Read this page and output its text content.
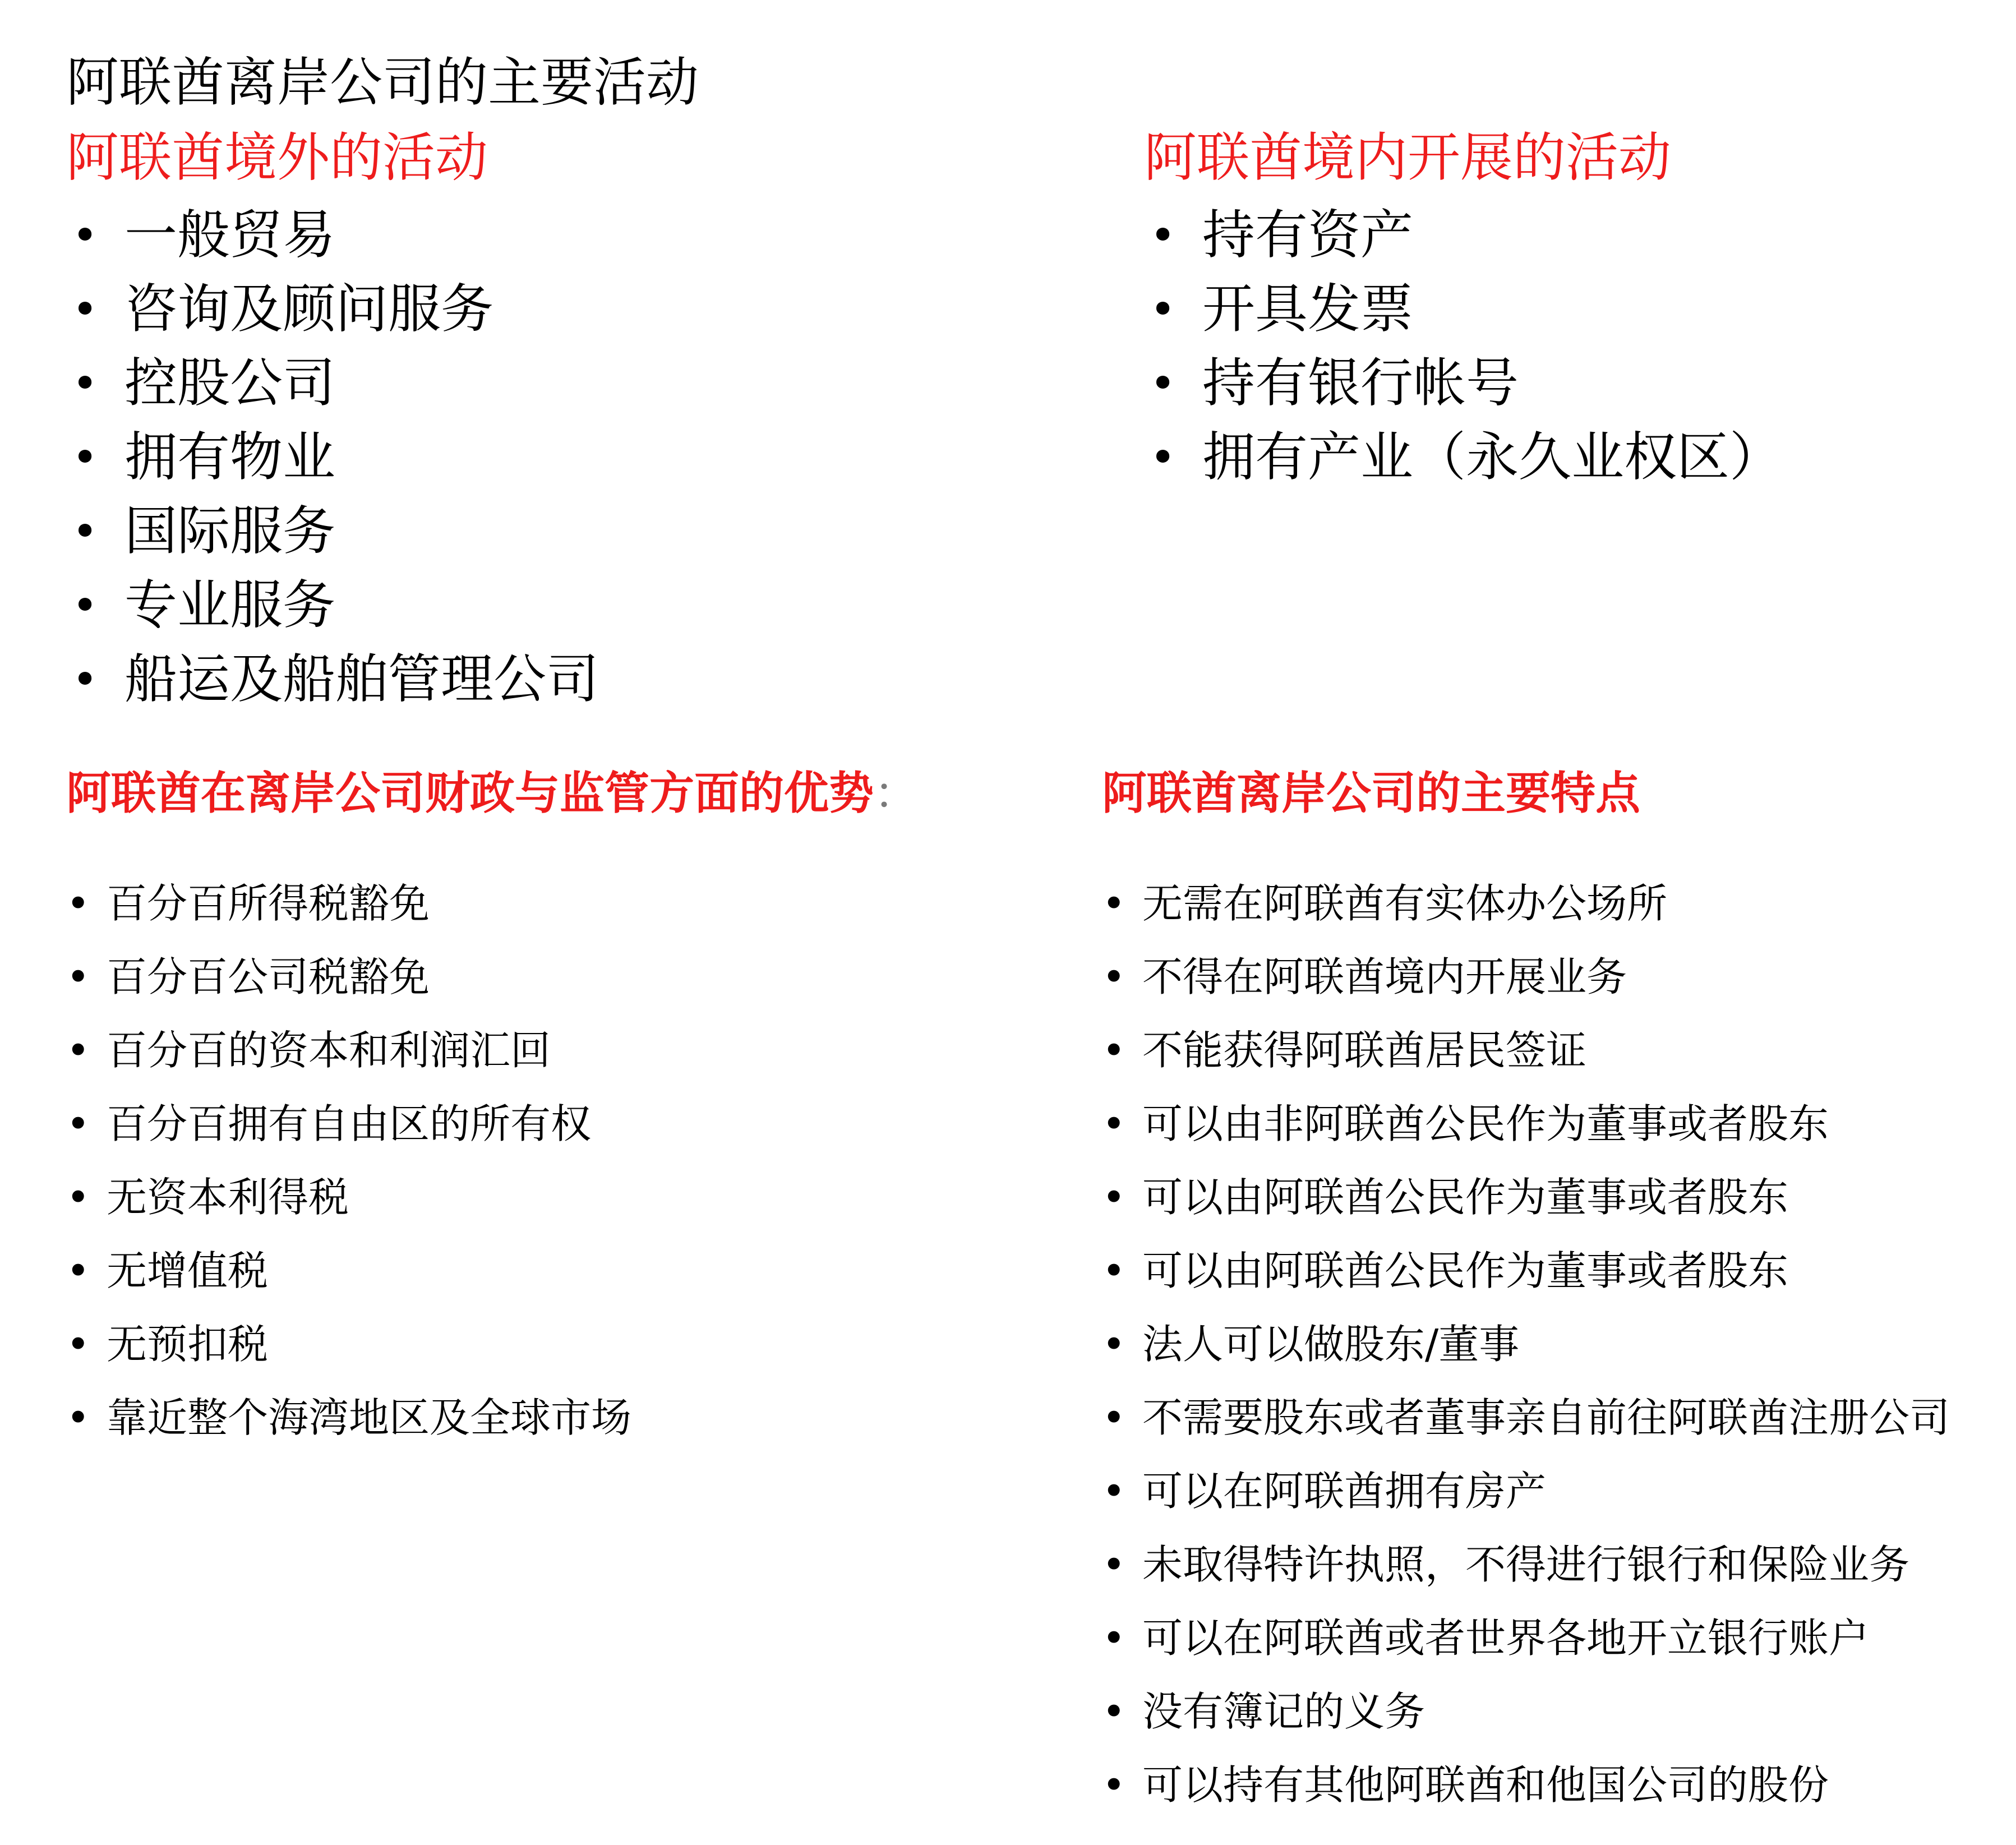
阿联酋离岸公司的主要活动
阿联酋境外的活动
• 一般贸易
• 咨询及顾问服务
• 控股公司
• 拥有物业
• 国际服务
• 专业服务
• 船运及船舶管理公司
阿联酋境内开展的活动
• 持有资产
• 开具发票
• 持有银行帐号
• 拥有产业（永久业权区）
阿联酋在离岸公司财政与监管方面的优势：
• 百分百所得税豁免
• 百分百公司税豁免
• 百分百的资本和利润汇回
• 百分百拥有自由区的所有权
• 无资本利得税
• 无增值税
• 无预扣税
• 靠近整个海湾地区及全球市场
阿联酋离岸公司的主要特点
• 无需在阿联酋有实体办公场所
• 不得在阿联酋境内开展业务
• 不能获得阿联酋居民签证
• 可以由非阿联酋公民作为董事或者股东
• 可以由阿联酋公民作为董事或者股东
• 可以由阿联酋公民作为董事或者股东
• 法人可以做股东/董事
• 不需要股东或者董事亲自前往阿联酋注册公司
• 可以在阿联酋拥有房产
• 未取得特许执照，不得进行银行和保险业务
• 可以在阿联酋或者世界各地开立银行账户
• 没有簿记的义务
• 可以持有其他阿联酋和他国公司的股份
